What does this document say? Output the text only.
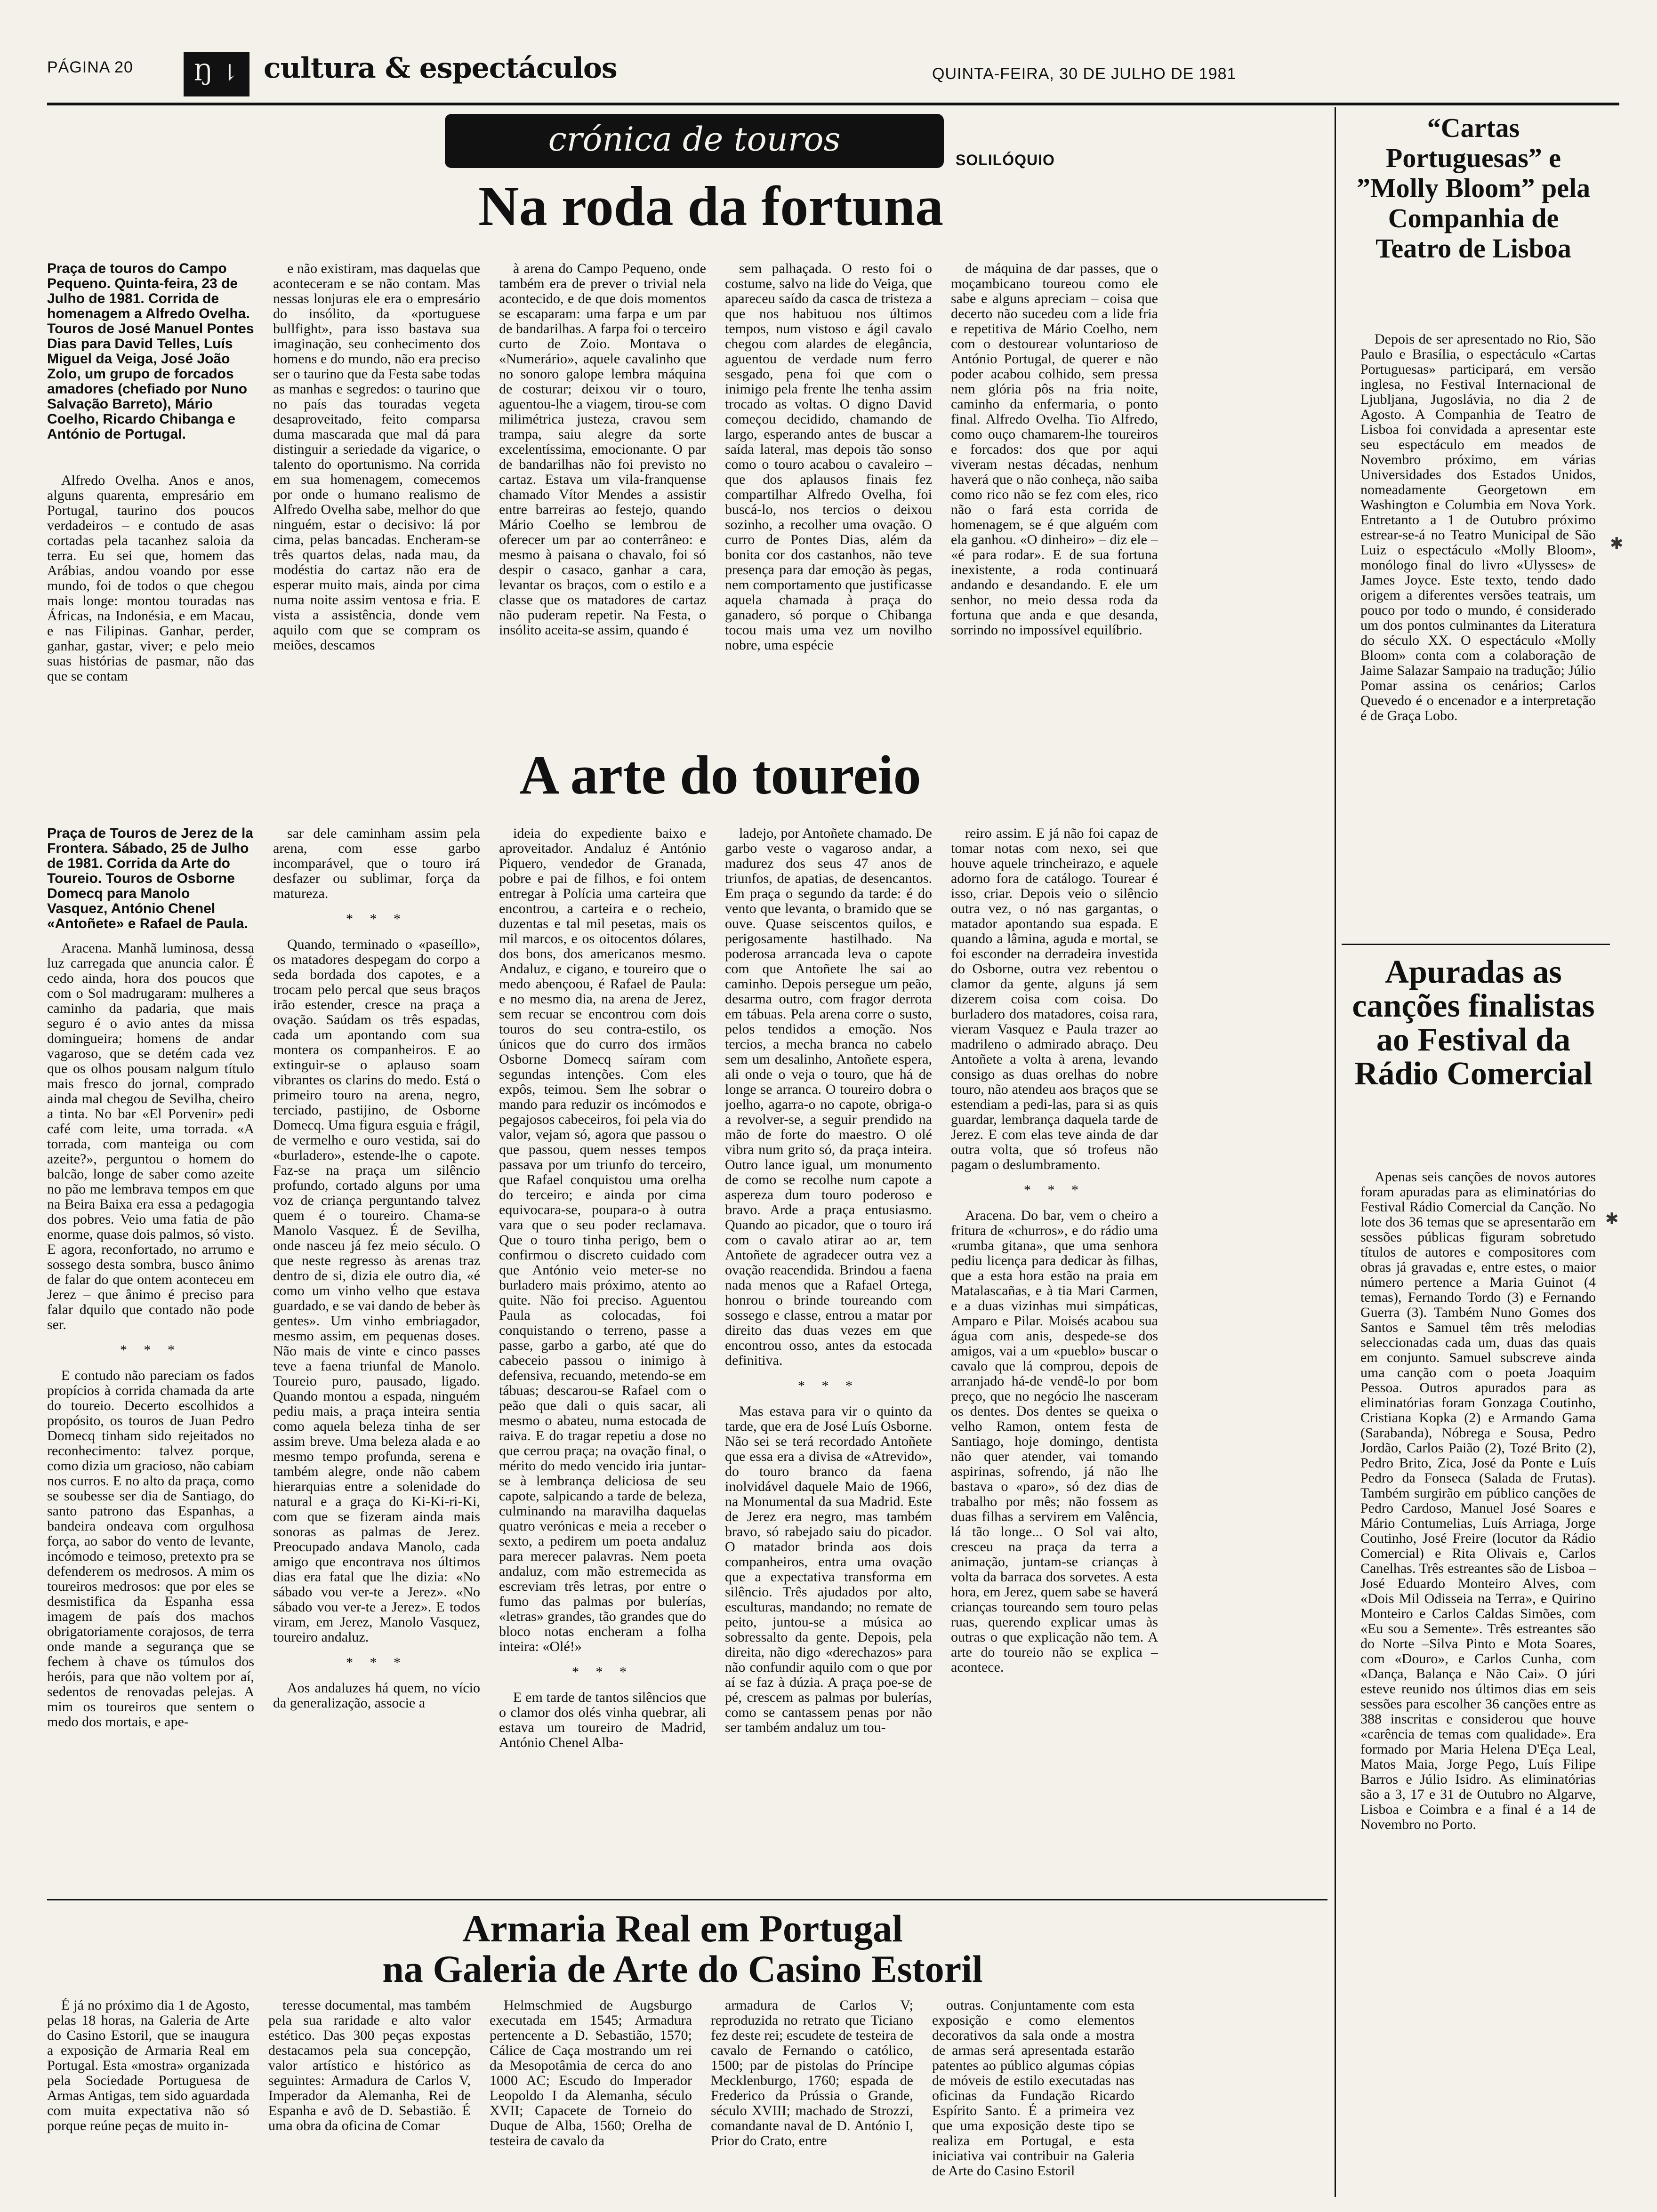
PÁGINA 20	Ŋ ⇂ cultura & espectáculos	QUINTA-FEIRA, 30 DE JULHO DE 1981
crónica de touros
SOLILÓQUIO
Na roda da fortuna

Praça de touros do Campo Pequeno. Quinta-feira, 23 de Julho de 1981. Corrida de homenagem a Alfredo Ovelha. Touros de José Manuel Pontes Dias para David Telles, Luís Miguel da Veiga, José João Zolo, um grupo de forcados amadores (chefiado por Nuno Salvação Barreto), Mário Coelho, Ricardo Chibanga e António de Portugal.

Alfredo Ovelha. Anos e anos, alguns quarenta, empresário em Portugal, taurino dos poucos verdadeiros – e contudo de asas cortadas pela tacanhez saloia da terra. Eu sei que, homem das Arábias, andou voando por esse mundo, foi de todos o que chegou mais longe: montou touradas nas Áfricas, na Indonésia, e em Macau, e nas Filipinas. Ganhar, perder, ganhar, gastar, viver; e pelo meio suas histórias de pasmar, não das que se contam

e não existiram, mas daquelas que aconteceram e se não contam. Mas nessas lonjuras ele era o empresário do insólito, da «portuguese bullfight», para isso bastava sua imaginação, seu conhecimento dos homens e do mundo, não era preciso ser o taurino que da Festa sabe todas as manhas e segredos: o taurino que no país das touradas vegeta desaproveitado, feito comparsa duma mascarada que mal dá para distinguir a seriedade da vigarice, o talento do oportunismo. Na corrida em sua homenagem, comecemos por onde o humano realismo de Alfredo Ovelha sabe, melhor do que ninguém, estar o decisivo: lá por cima, pelas bancadas. Encheram-se três quartos delas, nada mau, da modéstia do cartaz não era de esperar muito mais, ainda por cima numa noite assim ventosa e fria. E vista a assistência, donde vem aquilo com que se compram os meiões, descamos

à arena do Campo Pequeno, onde também era de prever o trivial nela acontecido, e de que dois momentos se escaparam: uma farpa e um par de bandarilhas. A farpa foi o terceiro curto de Zoio. Montava o «Numerário», aquele cavalinho que no sonoro galope lembra máquina de costurar; deixou vir o touro, aguentou-lhe a viagem, tirou-se com milimétrica justeza, cravou sem trampa, saiu alegre da sorte excelentíssima, emocionante. O par de bandarilhas não foi previsto no cartaz. Estava um vila-franquense chamado Vítor Mendes a assistir entre barreiras ao festejo, quando Mário Coelho se lembrou de oferecer um par ao conterrâneo: e mesmo à paisana o chavalo, foi só despir o casaco, ganhar a cara, levantar os braços, com o estilo e a classe que os matadores de cartaz não puderam repetir. Na Festa, o insólito aceita-se assim, quando é

sem palhaçada. O resto foi o costume, salvo na lide do Veiga, que apareceu saído da casca de tristeza a que nos habituou nos últimos tempos, num vistoso e ágil cavalo chegou com alardes de elegância, aguentou de verdade num ferro sesgado, pena foi que com o inimigo pela frente lhe tenha assim trocado as voltas. O digno David começou decidido, chamando de largo, esperando antes de buscar a saída lateral, mas depois tão sonso como o touro acabou o cavaleiro – que dos aplausos finais fez compartilhar Alfredo Ovelha, foi buscá-lo, nos tercios o deixou sozinho, a recolher uma ovação. O curro de Pontes Dias, além da bonita cor dos castanhos, não teve presença para dar emoção às pegas, nem comportamento que justificasse aquela chamada à praça do ganadero, só porque o Chibanga tocou mais uma vez um novilho nobre, uma espécie

de máquina de dar passes, que o moçambicano toureou como ele sabe e alguns apreciam – coisa que decerto não sucedeu com a lide fria e repetitiva de Mário Coelho, nem com o destourear voluntarioso de António Portugal, de querer e não poder acabou colhido, sem pressa nem glória pôs na fria noite, caminho da enfermaria, o ponto final. Alfredo Ovelha. Tio Alfredo, como ouço chamarem-lhe toureiros e forcados: dos que por aqui viveram nestas décadas, nenhum haverá que o não conheça, não saiba como rico não se fez com eles, rico não o fará esta corrida de homenagem, se é que alguém com ela ganhou. «O dinheiro» – diz ele – «é para rodar». E de sua fortuna inexistente, a roda continuará andando e desandando. E ele um senhor, no meio dessa roda da fortuna que anda e que desanda, sorrindo no impossível equilíbrio.

A arte do toureio

Praça de Touros de Jerez de la Frontera. Sábado, 25 de Julho de 1981. Corrida da Arte do Toureio. Touros de Osborne Domecq para Manolo Vasquez, António Chenel «Antoñete» e Rafael de Paula.

Aracena. Manhã luminosa, dessa luz carregada que anuncia calor. É cedo ainda, hora dos poucos que com o Sol madrugaram: mulheres a caminho da padaria, que mais seguro é o avio antes da missa domingueira; homens de andar vagaroso, que se detém cada vez que os olhos pousam nalgum título mais fresco do jornal, comprado ainda mal chegou de Sevilha, cheiro a tinta. No bar «El Porvenir» pedi café com leite, uma torrada. «A torrada, com manteiga ou com azeite?», perguntou o homem do balcão, longe de saber como azeite no pão me lembrava tempos em que na Beira Baixa era essa a pedagogia dos pobres. Veio uma fatia de pão enorme, quase dois palmos, só visto. E agora, reconfortado, no arrumo e sossego desta sombra, busco ânimo de falar do que ontem aconteceu em Jerez – que ânimo é preciso para falar dquilo que contado não pode ser.

* * *

E contudo não pareciam os fados propícios à corrida chamada da arte do toureio. Decerto escolhidos a propósito, os touros de Juan Pedro Domecq tinham sido rejeitados no reconhecimento: talvez porque, como dizia um gracioso, não cabiam nos curros. E no alto da praça, como se soubesse ser dia de Santiago, do santo patrono das Espanhas, a bandeira ondeava com orgulhosa força, ao sabor do vento de levante, incómodo e teimoso, pretexto pra se defenderem os medrosos. A mim os toureiros medrosos: que por eles se desmistifica da Espanha essa imagem de país dos machos obrigatoriamente corajosos, de terra onde mande a segurança que se fechem à chave os túmulos dos heróis, para que não voltem por aí, sedentos de renovadas pelejas. A mim os toureiros que sentem o medo dos mortais, e ape-

sar dele caminham assim pela arena, com esse garbo incomparável, que o touro irá desfazer ou sublimar, força da matureza.

* * *

Quando, terminado o «paseíllo», os matadores despegam do corpo a seda bordada dos capotes, e a trocam pelo percal que seus braços irão estender, cresce na praça a ovação. Saúdam os três espadas, cada um apontando com sua montera os companheiros. E ao extinguir-se o aplauso soam vibrantes os clarins do medo. Está o primeiro touro na arena, negro, terciado, pastijino, de Osborne Domecq. Uma figura esguia e frágil, de vermelho e ouro vestida, sai do «burladero», estende-lhe o capote. Faz-se na praça um silêncio profundo, cortado alguns por uma voz de criança perguntando talvez quem é o toureiro. Chama-se Manolo Vasquez. É de Sevilha, onde nasceu já fez meio século. O que neste regresso às arenas traz dentro de si, dizia ele outro dia, «é como um vinho velho que estava guardado, e se vai dando de beber às gentes». Um vinho embriagador, mesmo assim, em pequenas doses. Não mais de vinte e cinco passes teve a faena triunfal de Manolo. Toureio puro, pausado, ligado. Quando montou a espada, ninguém pediu mais, a praça inteira sentia como aquela beleza tinha de ser assim breve. Uma beleza alada e ao mesmo tempo profunda, serena e também alegre, onde não cabem hierarquias entre a solenidade do natural e a graça do Ki-Ki-ri-Ki, com que se fizeram ainda mais sonoras as palmas de Jerez. Preocupado andava Manolo, cada amigo que encontrava nos últimos dias era fatal que lhe dizia: «No sábado vou ver-te a Jerez». «No sábado vou ver-te a Jerez». E todos viram, em Jerez, Manolo Vasquez, toureiro andaluz.

* * *

Aos andaluzes há quem, no vício da generalização, associe a

ideia do expediente baixo e aproveitador. Andaluz é António Piquero, vendedor de Granada, pobre e pai de filhos, e foi ontem entregar à Polícia uma carteira que encontrou, a carteira e o recheio, duzentas e tal mil pesetas, mais os mil marcos, e os oitocentos dólares, dos bons, dos americanos mesmo. Andaluz, e cigano, e toureiro que o medo abençoou, é Rafael de Paula: e no mesmo dia, na arena de Jerez, sem recuar se encontrou com dois touros do seu contra-estilo, os únicos que do curro dos irmãos Osborne Domecq saíram com segundas intenções. Com eles expôs, teimou. Sem lhe sobrar o mando para reduzir os incómodos e pegajosos cabeceiros, foi pela via do valor, vejam só, agora que passou o que passou, quem nesses tempos passava por um triunfo do terceiro, que Rafael conquistou uma orelha do terceiro; e ainda por cima equivocara-se, poupara-o à outra vara que o seu poder reclamava. Que o touro tinha perigo, bem o confirmou o discreto cuidado com que António veio meter-se no burladero mais próximo, atento ao quite. Não foi preciso. Aguentou Paula as colocadas, foi conquistando o terreno, passe a passe, garbo a garbo, até que do cabeceio passou o inimigo à defensiva, recuando, metendo-se em tábuas; descarou-se Rafael com o peão que dali o quis sacar, ali mesmo o abateu, numa estocada de raiva. E do tragar repetiu a dose no que cerrou praça; na ovação final, o mérito do medo vencido iria juntar-se à lembrança deliciosa de seu capote, salpicando a tarde de beleza, culminando na maravilha daquelas quatro verónicas e meia a receber o sexto, a pedirem um poeta andaluz para merecer palavras. Nem poeta andaluz, com mão estremecida as escreviam três letras, por entre o fumo das palmas por bulerías, «letras» grandes, tão grandes que do bloco notas encheram a folha inteira: «Olé!»

* * *

E em tarde de tantos silêncios que o clamor dos olés vinha quebrar, ali estava um toureiro de Madrid, António Chenel Alba-

ladejo, por Antoñete chamado. De garbo veste o vagaroso andar, a madurez dos seus 47 anos de triunfos, de apatias, de desencantos. Em praça o segundo da tarde: é do vento que levanta, o bramido que se ouve. Quase seiscentos quilos, e perigosamente hastilhado. Na poderosa arrancada leva o capote com que Antoñete lhe sai ao caminho. Depois persegue um peão, desarma outro, com fragor derrota em tábuas. Pela arena corre o susto, pelos tendidos a emoção. Nos tercios, a mecha branca no cabelo sem um desalinho, Antoñete espera, ali onde o veja o touro, que há de longe se arranca. O toureiro dobra o joelho, agarra-o no capote, obriga-o a revolver-se, a seguir prendido na mão de forte do maestro. O olé vibra num grito só, da praça inteira. Outro lance igual, um monumento de como se recolhe num capote a aspereza dum touro poderoso e bravo. Arde a praça entusiasmo. Quando ao picador, que o touro irá com o cavalo atirar ao ar, tem Antoñete de agradecer outra vez a ovação reacendida. Brindou a faena nada menos que a Rafael Ortega, honrou o brinde toureando com sossego e classe, entrou a matar por direito das duas vezes em que encontrou osso, antes da estocada definitiva.

* * *

Mas estava para vir o quinto da tarde, que era de José Luís Osborne. Não sei se terá recordado Antoñete que essa era a divisa de «Atrevido», do touro branco da faena inolvidável daquele Maio de 1966, na Monumental da sua Madrid. Este de Jerez era negro, mas também bravo, só rabejado saiu do picador. O matador brinda aos dois companheiros, entra uma ovação que a expectativa transforma em silêncio. Três ajudados por alto, esculturas, mandando; no remate de peito, juntou-se a música ao sobressalto da gente. Depois, pela direita, não digo «derechazos» para não confundir aquilo com o que por aí se faz à dúzia. A praça poe-se de pé, crescem as palmas por bulerías, como se cantassem penas por não ser também andaluz um tou-

reiro assim. E já não foi capaz de tomar notas com nexo, sei que houve aquele trincheirazo, e aquele adorno fora de catálogo. Tourear é isso, criar. Depois veio o silêncio outra vez, o nó nas gargantas, o matador apontando sua espada. E quando a lâmina, aguda e mortal, se foi esconder na derradeira investida do Osborne, outra vez rebentou o clamor da gente, alguns já sem dizerem coisa com coisa. Do burladero dos matadores, coisa rara, vieram Vasquez e Paula trazer ao madrileno o admirado abraço. Deu Antoñete a volta à arena, levando consigo as duas orelhas do nobre touro, não atendeu aos braços que se estendiam a pedi-las, para si as quis guardar, lembrança daquela tarde de Jerez. E com elas teve ainda de dar outra volta, que só trofeus não pagam o deslumbramento.

* * *

Aracena. Do bar, vem o cheiro a fritura de «churros», e do rádio uma «rumba gitana», que uma senhora pediu licença para dedicar às filhas, que a esta hora estão na praia em Matalascañas, e à tia Mari Carmen, e a duas vizinhas mui simpáticas, Amparo e Pilar. Moisés acabou sua água com anis, despede-se dos amigos, vai a um «pueblo» buscar o cavalo que lá comprou, depois de arranjado há-de vendê-lo por bom preço, que no negócio lhe nasceram os dentes. Dos dentes se queixa o velho Ramon, ontem festa de Santiago, hoje domingo, dentista não quer atender, vai tomando aspirinas, sofrendo, já não lhe bastava o «paro», só dez dias de trabalho por mês; não fossem as duas filhas a servirem em Valência, lá tão longe... O Sol vai alto, cresceu na praça da terra a animação, juntam-se crianças à volta da barraca dos sorvetes. A esta hora, em Jerez, quem sabe se haverá crianças toureando sem touro pelas ruas, querendo explicar umas às outras o que explicação não tem. A arte do toureio não se explica – acontece.

Armaria Real em Portugal
na Galeria de Arte do Casino Estoril

É já no próximo dia 1 de Agosto, pelas 18 horas, na Galeria de Arte do Casino Estoril, que se inaugura a exposição de Armaria Real em Portugal. Esta «mostra» organizada pela Sociedade Portuguesa de Armas Antigas, tem sido aguardada com muita expectativa não só porque reúne peças de muito in-

teresse documental, mas também pela sua raridade e alto valor estético. Das 300 peças expostas destacamos pela sua concepção, valor artístico e histórico as seguintes: Armadura de Carlos V, Imperador da Alemanha, Rei de Espanha e avô de D. Sebastião. É uma obra da oficina de Comar

Helmschmied de Augsburgo executada em 1545; Armadura pertencente a D. Sebastião, 1570; Cálice de Caça mostrando um rei da Mesopotâmia de cerca do ano 1000 AC; Escudo do Imperador Leopoldo I da Alemanha, século XVII; Capacete de Torneio do Duque de Alba, 1560; Orelha de testeira de cavalo da

armadura de Carlos V; reproduzida no retrato que Ticiano fez deste rei; escudete de testeira de cavalo de Fernando o católico, 1500; par de pistolas do Príncipe Mecklenburgo, 1760; espada de Frederico da Prússia o Grande, século XVIII; machado de Strozzi, comandante naval de D. António I, Prior do Crato, entre

outras. Conjuntamente com esta exposição e como elementos decorativos da sala onde a mostra de armas será apresentada estarão patentes ao público algumas cópias de móveis de estilo executadas nas oficinas da Fundação Ricardo Espírito Santo. É a primeira vez que uma exposição deste tipo se realiza em Portugal, e esta iniciativa vai contribuir na Galeria de Arte do Casino Estoril

“Cartas Portuguesas” e ”Molly Bloom” pela Companhia de Teatro de Lisboa

Depois de ser apresentado no Rio, São Paulo e Brasília, o espectáculo «Cartas Portuguesas» participará, em versão inglesa, no Festival Internacional de Ljubljana, Jugoslávia, no dia 2 de Agosto. A Companhia de Teatro de Lisboa foi convidada a apresentar este seu espectáculo em meados de Novembro próximo, em várias Universidades dos Estados Unidos, nomeadamente Georgetown em Washington e Columbia em Nova York. Entretanto a 1 de Outubro próximo estrear-se-á no Teatro Municipal de São Luiz o espectáculo «Molly Bloom», monólogo final do livro «Ulysses» de James Joyce. Este texto, tendo dado origem a diferentes versões teatrais, um pouco por todo o mundo, é considerado um dos pontos culminantes da Literatura do século XX. O espectáculo «Molly Bloom» conta com a colaboração de Jaime Salazar Sampaio na tradução; Júlio Pomar assina os cenários; Carlos Quevedo é o encenador e a interpretação é de Graça Lobo.

Apuradas as canções finalistas ao Festival da Rádio Comercial

Apenas seis canções de novos autores foram apuradas para as eliminatórias do Festival Rádio Comercial da Canção. No lote dos 36 temas que se apresentarão em sessões públicas figuram sobretudo títulos de autores e compositores com obras já gravadas e, entre estes, o maior número pertence a Maria Guinot (4 temas), Fernando Tordo (3) e Fernando Guerra (3). Também Nuno Gomes dos Santos e Samuel têm três melodias seleccionadas cada um, duas das quais em conjunto. Samuel subscreve ainda uma canção com o poeta Joaquim Pessoa. Outros apurados para as eliminatórias foram Gonzaga Coutinho, Cristiana Kopka (2) e Armando Gama (Sarabanda), Nóbrega e Sousa, Pedro Jordão, Carlos Paião (2), Tozé Brito (2), Pedro Brito, Zica, José da Ponte e Luís Pedro da Fonseca (Salada de Frutas). Também surgirão em público canções de Pedro Cardoso, Manuel José Soares e Mário Contumelias, Luís Arriaga, Jorge Coutinho, José Freire (locutor da Rádio Comercial) e Rita Olivais e, Carlos Canelhas. Três estreantes são de Lisboa – José Eduardo Monteiro Alves, com «Dois Mil Odisseia na Terra», e Quirino Monteiro e Carlos Caldas Simões, com «Eu sou a Semente». Três estreantes são do Norte –Silva Pinto e Mota Soares, com «Douro», e Carlos Cunha, com «Dança, Balança e Não Cai». O júri esteve reunido nos últimos dias em seis sessões para escolher 36 canções entre as 388 inscritas e considerou que houve «carência de temas com qualidade». Era formado por Maria Helena D'Eça Leal, Matos Maia, Jorge Pego, Luís Filipe Barros e Júlio Isidro. As eliminatórias são a 3, 17 e 31 de Outubro no Algarve, Lisboa e Coimbra e a final é a 14 de Novembro no Porto.

✱
✱
